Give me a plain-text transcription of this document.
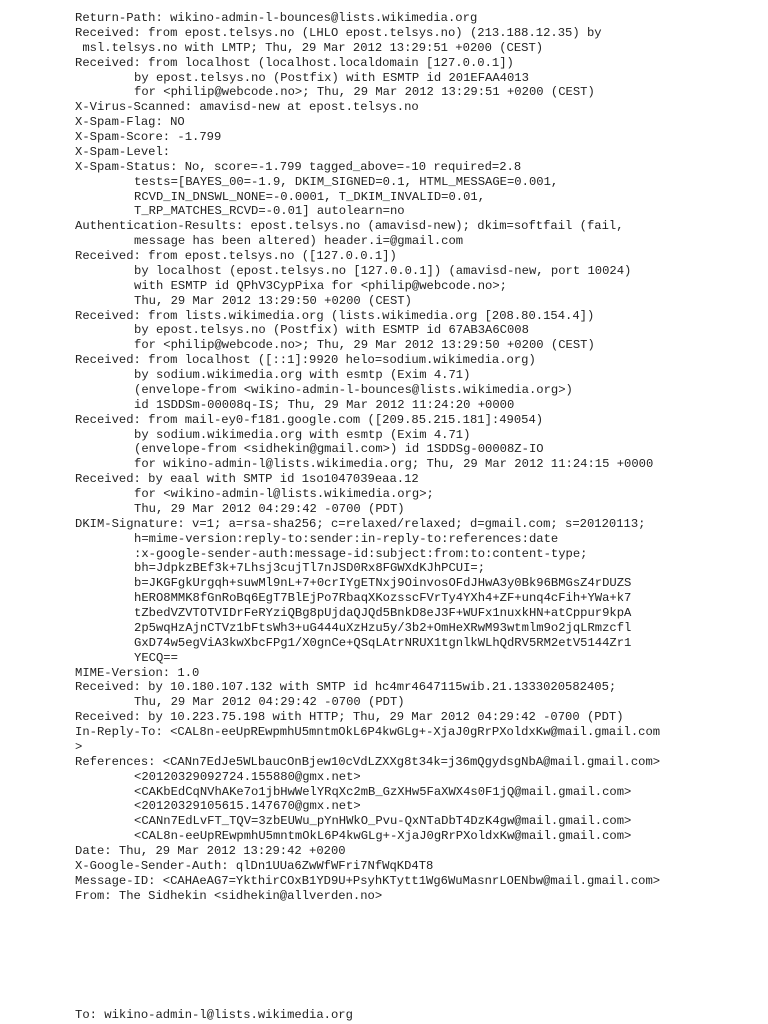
Return-Path: wikino-admin-l-bounces@lists.wikimedia.org
Received: from epost.telsys.no (LHLO epost.telsys.no) (213.188.12.35) by
msl.telsys.no with LMTP; Thu, 29 Mar 2012 13:29:51 +0200 (CEST)
Received: from localhost (localhost.localdomain [127.0.0.1])
by epost.telsys.no (Postfix) with ESMTP id 201EFAA4013
for <philip@webcode.no>; Thu, 29 Mar 2012 13:29:51 +0200 (CEST)
X-Virus-Scanned: amavisd-new at epost.telsys.no
X-Spam-Flag: NO
X-Spam-Score: -1.799
X-Spam-Level:
X-Spam-Status: No, score=-1.799 tagged_above=-10 required=2.8
tests=[BAYES_00=-1.9, DKIM_SIGNED=0.1, HTML_MESSAGE=0.001,
RCVD_IN_DNSWL_NONE=-0.0001, T_DKIM_INVALID=0.01,
T_RP_MATCHES_RCVD=-0.01] autolearn=no
Authentication-Results: epost.telsys.no (amavisd-new); dkim=softfail (fail,
message has been altered) header.i=@gmail.com
Received: from epost.telsys.no ([127.0.0.1])
by localhost (epost.telsys.no [127.0.0.1]) (amavisd-new, port 10024)
with ESMTP id QPhV3CypPixa for <philip@webcode.no>;
Thu, 29 Mar 2012 13:29:50 +0200 (CEST)
Received: from lists.wikimedia.org (lists.wikimedia.org [208.80.154.4])
by epost.telsys.no (Postfix) with ESMTP id 67AB3A6C008
for <philip@webcode.no>; Thu, 29 Mar 2012 13:29:50 +0200 (CEST)
Received: from localhost ([::1]:9920 helo=sodium.wikimedia.org)
by sodium.wikimedia.org with esmtp (Exim 4.71)
(envelope-from <wikino-admin-l-bounces@lists.wikimedia.org>)
id 1SDDSm-00008q-IS; Thu, 29 Mar 2012 11:24:20 +0000
Received: from mail-ey0-f181.google.com ([209.85.215.181]:49054)
by sodium.wikimedia.org with esmtp (Exim 4.71)
(envelope-from <sidhekin@gmail.com>) id 1SDDSg-00008Z-IO
for wikino-admin-l@lists.wikimedia.org; Thu, 29 Mar 2012 11:24:15 +0000
Received: by eaal with SMTP id 1so1047039eaa.12
for <wikino-admin-l@lists.wikimedia.org>;
Thu, 29 Mar 2012 04:29:42 -0700 (PDT)
DKIM-Signature: v=1; a=rsa-sha256; c=relaxed/relaxed; d=gmail.com; s=20120113;
h=mime-version:reply-to:sender:in-reply-to:references:date
:x-google-sender-auth:message-id:subject:from:to:content-type;
bh=JdpkzBEf3k+7Lhsj3cujTl7nJSD0Rx8FGWXdKJhPCUI=;
b=JKGFgkUrgqh+suwMl9nL+7+0crIYgETNxj9OinvosOFdJHwA3y0Bk96BMGsZ4rDUZS
hERO8MMK8fGnRoBq6EgT7BlEjPo7RbaqXKozsscFVrTy4YXh4+ZF+unq4cFih+YWa+k7
tZbedVZVTOTVIDrFeRYziQBg8pUjdaQJQd5BnkD8eJ3F+WUFx1nuxkHN+atCppur9kpA
2p5wqHzAjnCTVz1bFtsWh3+uG444uXzHzu5y/3b2+OmHeXRwM93wtmlm9o2jqLRmzcfl
GxD74w5egViA3kwXbcFPg1/X0gnCe+QSqLAtrNRUX1tgnlkWLhQdRV5RM2etV5144Zr1
YECQ==
MIME-Version: 1.0
Received: by 10.180.107.132 with SMTP id hc4mr4647115wib.21.1333020582405;
Thu, 29 Mar 2012 04:29:42 -0700 (PDT)
Received: by 10.223.75.198 with HTTP; Thu, 29 Mar 2012 04:29:42 -0700 (PDT)
In-Reply-To: <CAL8n-eeUpREwpmhU5mntmOkL6P4kwGLg+-XjaJ0gRrPXoldxKw@mail.gmail.com
>
References: <CANn7EdJe5WLbaucOnBjew10cVdLZXXg8t34k=j36mQgydsgNbA@mail.gmail.com>
<20120329092724.155880@gmx.net>
<CAKbEdCqNVhAKe7o1jbHwWelYRqXc2mB_GzXHw5FaXWX4s0F1jQ@mail.gmail.com>
<20120329105615.147670@gmx.net>
<CANn7EdLvFT_TQV=3zbEUWu_pYnHWkO_Pvu-QxNTaDbT4DzK4gw@mail.gmail.com>
<CAL8n-eeUpREwpmhU5mntmOkL6P4kwGLg+-XjaJ0gRrPXoldxKw@mail.gmail.com>
Date: Thu, 29 Mar 2012 13:29:42 +0200
X-Google-Sender-Auth: qlDn1UUa6ZwWfWFri7NfWqKD4T8
Message-ID: <CAHAeAG7=YkthirCOxB1YD9U+PsyhKTytt1Wg6WuMasnrLOENbw@mail.gmail.com>
From: The Sidhekin <sidhekin@allverden.no>
To: wikino-admin-l@lists.wikimedia.org
